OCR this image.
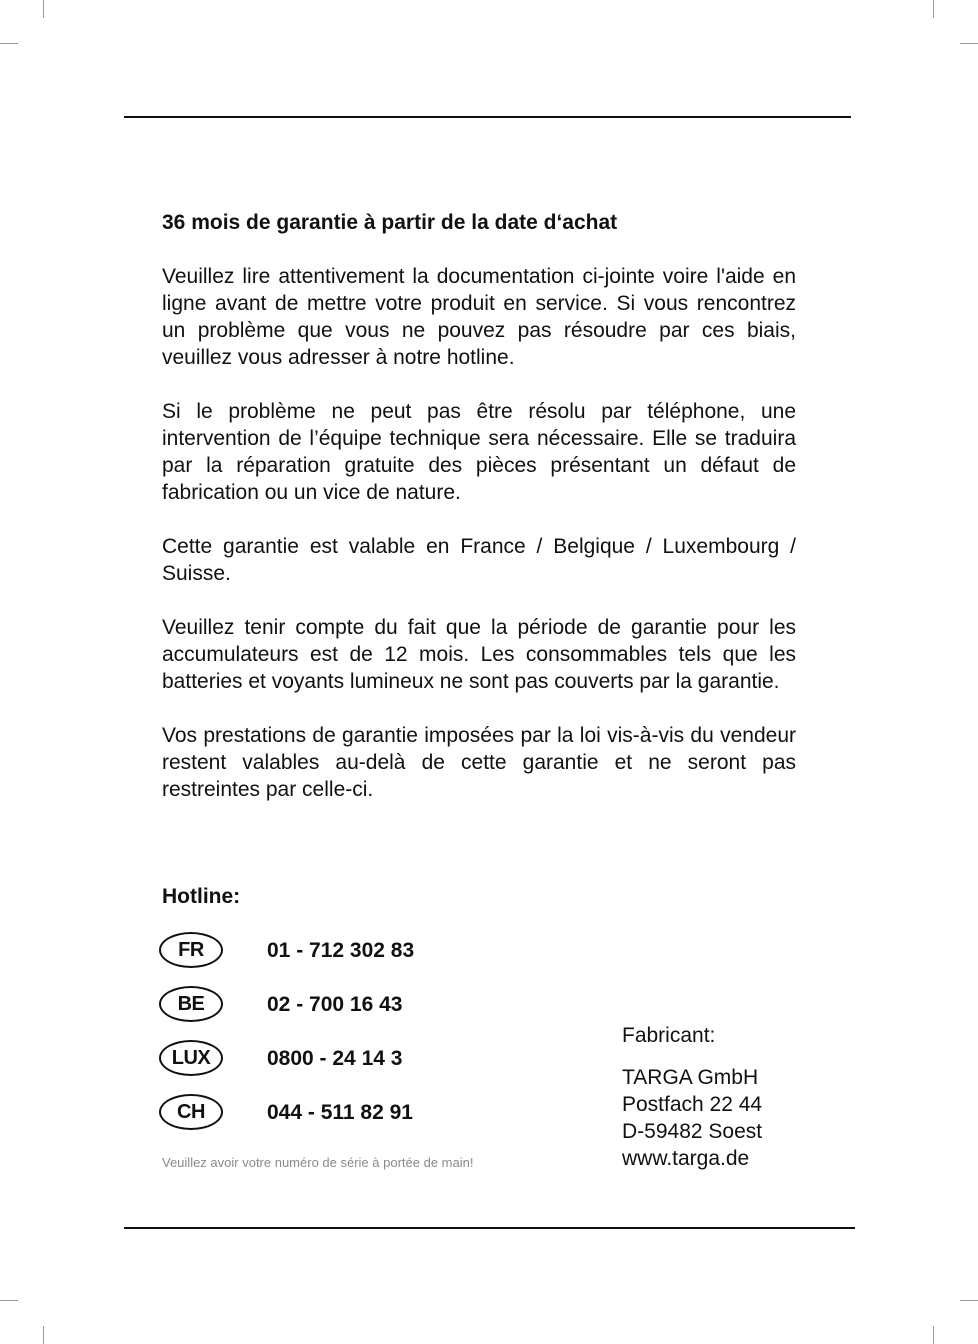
36 mois de garantie à partir de la date d‘achat

Veuillez lire attentivement la documentation ci-jointe voire l'aide en ligne avant de mettre votre produit en service. Si vous rencontrez un problème que vous ne pouvez pas résoudre par ces biais, veuillez vous adresser à notre hotline.

Si le problème ne peut pas être résolu par téléphone, une intervention de l’équipe technique sera nécessaire. Elle se traduira par la réparation gratuite des pièces présentant un défaut de fabrication ou un vice de nature.

Cette garantie est valable en France / Belgique / Luxembourg / Suisse.

Veuillez tenir compte du fait que la période de garantie pour les accumulateurs est de 12 mois. Les consommables tels que les batteries et voyants lumineux ne sont pas couverts par la garantie.

Vos prestations de garantie imposées par la loi vis-à-vis du vendeur restent valables au-delà de cette garantie et ne seront pas restreintes par celle-ci.

Hotline:
FR	01 - 712 302 83
BE	02 - 700 16 43
LUX	0800 - 24 14 3
CH	044 - 511 82 91
Veuillez avoir votre numéro de série à portée de main!
Fabricant:
TARGA GmbH
Postfach 22 44
D-59482 Soest
www.targa.de
